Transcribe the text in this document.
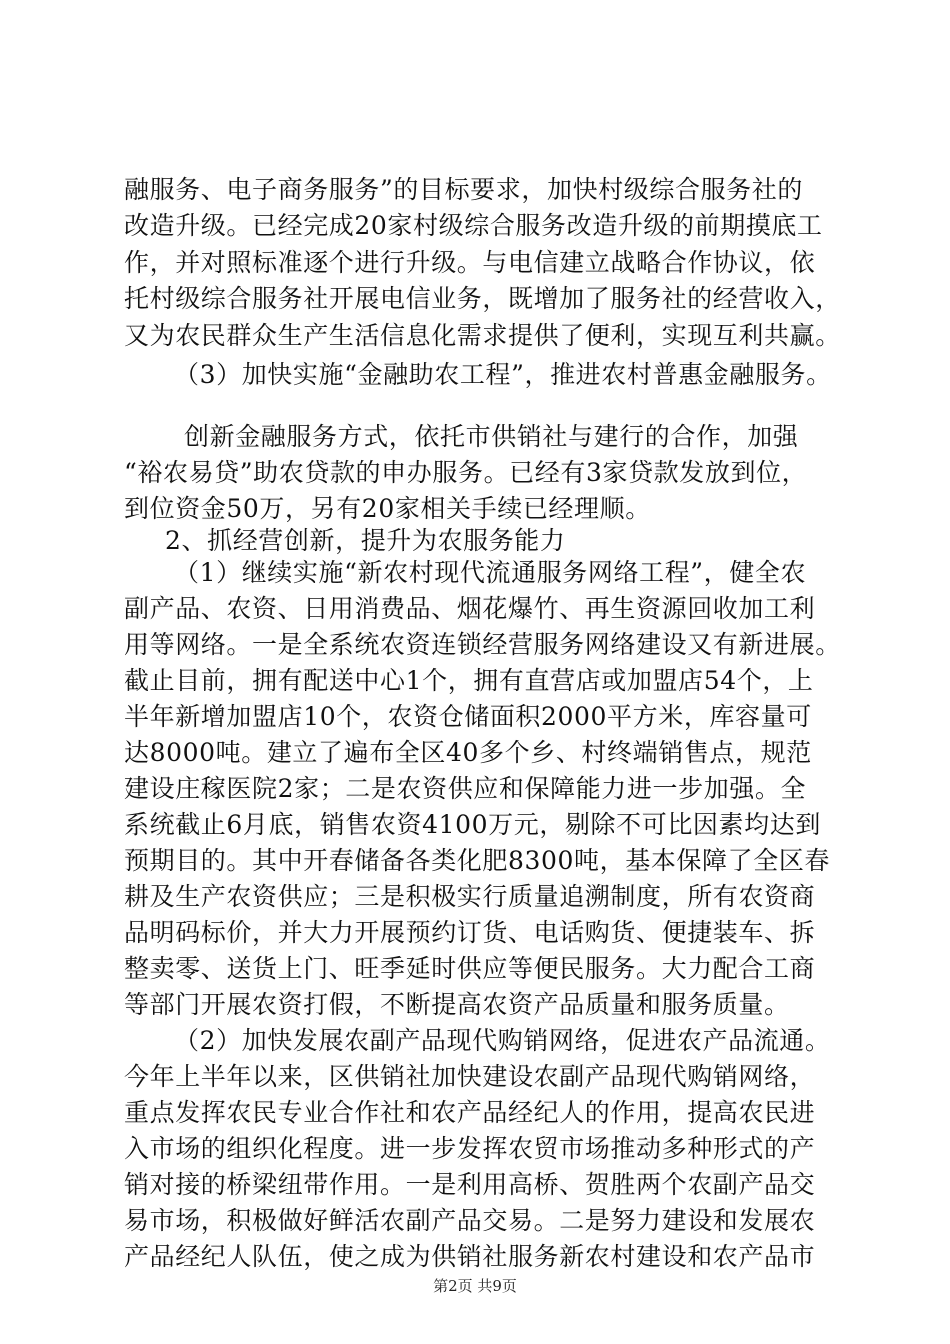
融服务、电子商务服务”的目标要求，加快村级综合服务社的
改造升级。已经完成20家村级综合服务改造升级的前期摸底工
作，并对照标准逐个进行升级。与电信建立战略合作协议，依
托村级综合服务社开展电信业务，既增加了服务社的经营收入，
又为农民群众生产生活信息化需求提供了便利，实现互利共赢。
（3）加快实施“金融助农工程”，推进农村普惠金融服务。
创新金融服务方式，依托市供销社与建行的合作，加强
“裕农易贷”助农贷款的申办服务。已经有3家贷款发放到位，
到位资金50万，另有20家相关手续已经理顺。
2、抓经营创新，提升为农服务能力
（1）继续实施“新农村现代流通服务网络工程”，健全农
副产品、农资、日用消费品、烟花爆竹、再生资源回收加工利
用等网络。一是全系统农资连锁经营服务网络建设又有新进展。
截止目前，拥有配送中心1个，拥有直营店或加盟店54个，上
半年新增加盟店10个，农资仓储面积2000平方米，库容量可
达8000吨。建立了遍布全区40多个乡、村终端销售点，规范
建设庄稼医院2家；二是农资供应和保障能力进一步加强。全
系统截止6月底，销售农资4100万元，剔除不可比因素均达到
预期目的。其中开春储备各类化肥8300吨，基本保障了全区春
耕及生产农资供应；三是积极实行质量追溯制度，所有农资商
品明码标价，并大力开展预约订货、电话购货、便捷装车、拆
整卖零、送货上门、旺季延时供应等便民服务。大力配合工商
等部门开展农资打假，不断提高农资产品质量和服务质量。
（2）加快发展农副产品现代购销网络，促进农产品流通。
今年上半年以来，区供销社加快建设农副产品现代购销网络，
重点发挥农民专业合作社和农产品经纪人的作用，提高农民进
入市场的组织化程度。进一步发挥农贸市场推动多种形式的产
销对接的桥梁纽带作用。一是利用高桥、贺胜两个农副产品交
易市场，积极做好鲜活农副产品交易。二是努力建设和发展农
产品经纪人队伍，使之成为供销社服务新农村建设和农产品市
第2页 共9页
